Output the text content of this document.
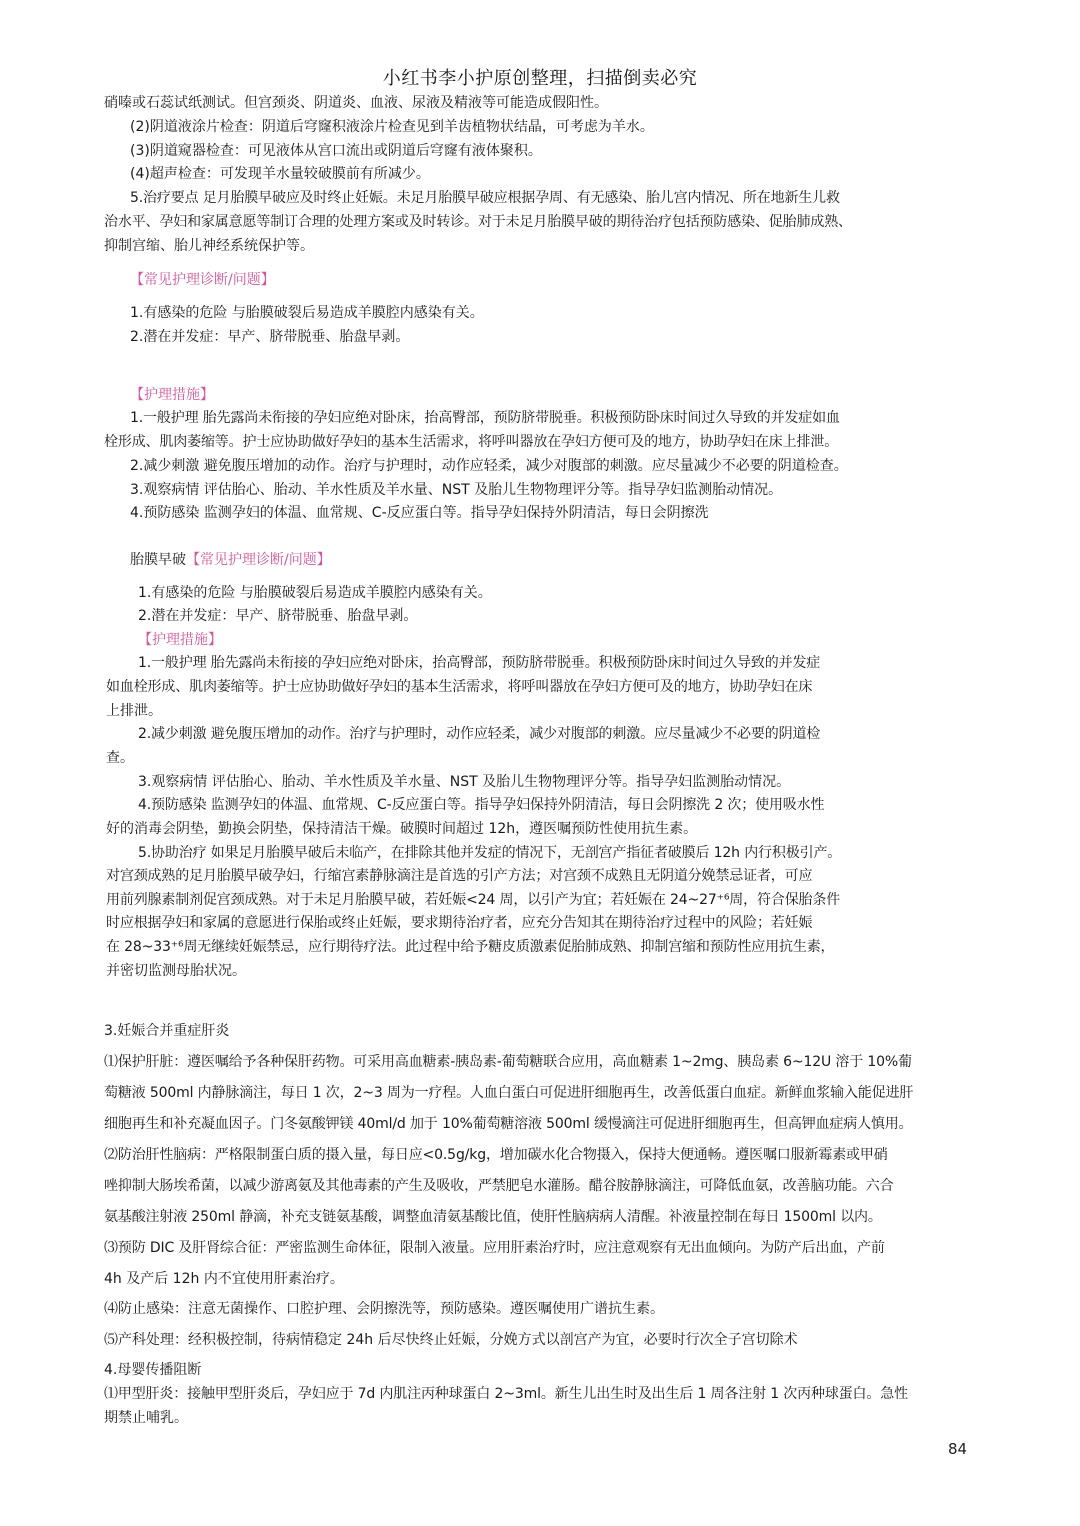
小红书李小护原创整理，扫描倒卖必究
硝嗪或石蕊试纸测试。但宫颈炎、阴道炎、血液、尿液及精液等可能造成假阳性。
(2)阴道液涂片检查：阴道后穹窿积液涂片检查见到羊齿植物状结晶，可考虑为羊水。
(3)阴道窥器检查：可见液体从宫口流出或阴道后穹窿有液体聚积。
(4)超声检查：可发现羊水量较破膜前有所减少。
5.治疗要点 足月胎膜早破应及时终止妊娠。未足月胎膜早破应根据孕周、有无感染、胎儿宫内情况、所在地新生儿救
治水平、孕妇和家属意愿等制订合理的处理方案或及时转诊。对于未足月胎膜早破的期待治疗包括预防感染、促胎肺成熟、
抑制宫缩、胎儿神经系统保护等。
【常见护理诊断/问题】
1.有感染的危险 与胎膜破裂后易造成羊膜腔内感染有关。
2.潜在并发症：早产、脐带脱垂、胎盘早剥。
【护理措施】
1.一般护理 胎先露尚未衔接的孕妇应绝对卧床，抬高臀部，预防脐带脱垂。积极预防卧床时间过久导致的并发症如血
栓形成、肌肉萎缩等。护士应协助做好孕妇的基本生活需求，将呼叫器放在孕妇方便可及的地方，协助孕妇在床上排泄。
2.减少刺激 避免腹压增加的动作。治疗与护理时，动作应轻柔，减少对腹部的刺激。应尽量减少不必要的阴道检查。
3.观察病情 评估胎心、胎动、羊水性质及羊水量、NST 及胎儿生物物理评分等。指导孕妇监测胎动情况。
4.预防感染 监测孕妇的体温、血常规、C-反应蛋白等。指导孕妇保持外阴清洁，每日会阴擦洗
胎膜早破【常见护理诊断/问题】
1.有感染的危险 与胎膜破裂后易造成羊膜腔内感染有关。
2.潜在并发症：早产、脐带脱垂、胎盘早剥。
【护理措施】
1.一般护理 胎先露尚未衔接的孕妇应绝对卧床，抬高臀部，预防脐带脱垂。积极预防卧床时间过久导致的并发症
如血栓形成、肌肉萎缩等。护士应协助做好孕妇的基本生活需求，将呼叫器放在孕妇方便可及的地方，协助孕妇在床
上排泄。
2.减少刺激 避免腹压增加的动作。治疗与护理时，动作应轻柔，减少对腹部的刺激。应尽量减少不必要的阴道检
查。
3.观察病情 评估胎心、胎动、羊水性质及羊水量、NST 及胎儿生物物理评分等。指导孕妇监测胎动情况。
4.预防感染 监测孕妇的体温、血常规、C-反应蛋白等。指导孕妇保持外阴清洁，每日会阴擦洗 2 次；使用吸水性
好的消毒会阴垫，勤换会阴垫，保持清洁干燥。破膜时间超过 12h，遵医嘱预防性使用抗生素。
5.协助治疗 如果足月胎膜早破后未临产，在排除其他并发症的情况下，无剖宫产指征者破膜后 12h 内行积极引产。
对宫颈成熟的足月胎膜早破孕妇，行缩宫素静脉滴注是首选的引产方法；对宫颈不成熟且无阴道分娩禁忌证者，可应
用前列腺素制剂促宫颈成熟。对于未足月胎膜早破，若妊娠<24 周，以引产为宜；若妊娠在 24~27⁺⁶周，符合保胎条件
时应根据孕妇和家属的意愿进行保胎或终止妊娠，要求期待治疗者，应充分告知其在期待治疗过程中的风险；若妊娠
在 28~33⁺⁶周无继续妊娠禁忌，应行期待疗法。此过程中给予糖皮质激素促胎肺成熟、抑制宫缩和预防性应用抗生素，
并密切监测母胎状况。
3.妊娠合并重症肝炎
⑴保护肝脏：遵医嘱给予各种保肝药物。可采用高血糖素-胰岛素-葡萄糖联合应用，高血糖素 1~2mg、胰岛素 6~12U 溶于 10%葡
萄糖液 500ml 内静脉滴注，每日 1 次，2~3 周为一疗程。人血白蛋白可促进肝细胞再生，改善低蛋白血症。新鲜血浆输入能促进肝
细胞再生和补充凝血因子。门冬氨酸钾镁 40ml/d 加于 10%葡萄糖溶液 500ml 缓慢滴注可促进肝细胞再生，但高钾血症病人慎用。
⑵防治肝性脑病：严格限制蛋白质的摄入量，每日应<0.5g/kg，增加碳水化合物摄入，保持大便通畅。遵医嘱口服新霉素或甲硝
唑抑制大肠埃希菌，以减少游离氨及其他毒素的产生及吸收，严禁肥皂水灌肠。醋谷胺静脉滴注，可降低血氨，改善脑功能。六合
氨基酸注射液 250ml 静滴，补充支链氨基酸，调整血清氨基酸比值，使肝性脑病病人清醒。补液量控制在每日 1500ml 以内。
⑶预防 DIC 及肝肾综合征：严密监测生命体征，限制入液量。应用肝素治疗时，应注意观察有无出血倾向。为防产后出血，产前
4h 及产后 12h 内不宜使用肝素治疗。
⑷防止感染：注意无菌操作、口腔护理、会阴擦洗等，预防感染。遵医嘱使用广谱抗生素。
⑸产科处理：经积极控制，待病情稳定 24h 后尽快终止妊娠，分娩方式以剖宫产为宜，必要时行次全子宫切除术
4.母婴传播阻断
⑴甲型肝炎：接触甲型肝炎后，孕妇应于 7d 内肌注丙种球蛋白 2~3ml。新生儿出生时及出生后 1 周各注射 1 次丙种球蛋白。急性
期禁止哺乳。
84
